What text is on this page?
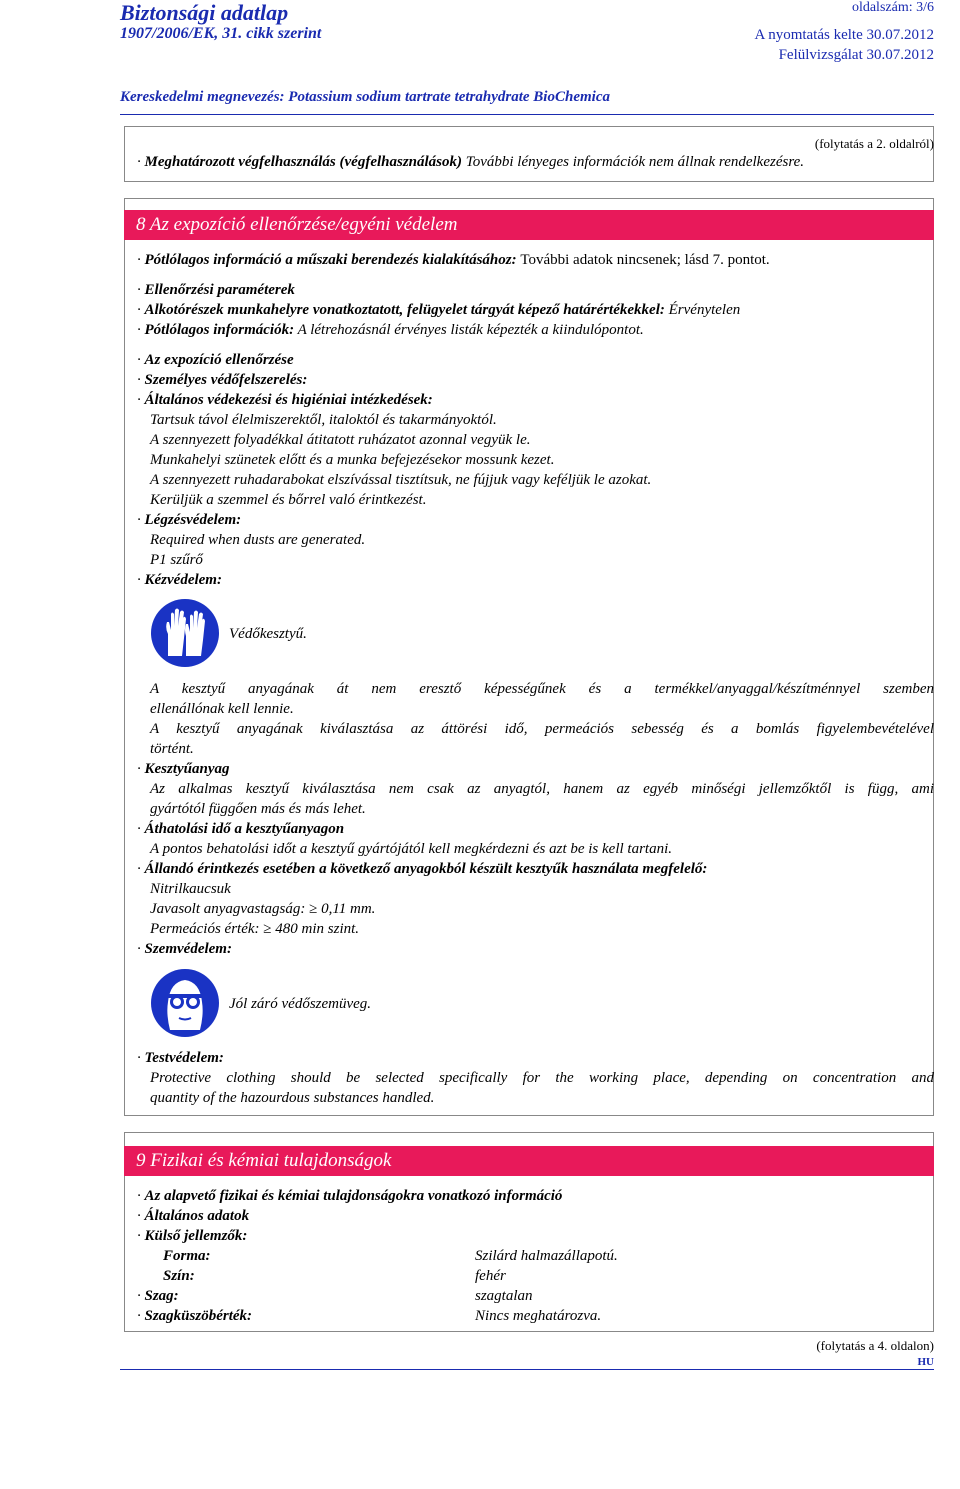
Biztonsági adatlap
1907/2006/EK, 31. cikk szerint
oldalszám: 3/6
A nyomtatás kelte 30.07.2012
Felülvizsgálat 30.07.2012
Kereskedelmi megnevezés: Potassium sodium tartrate tetrahydrate BioChemica
(folytatás a 2. oldalról)
· Meghatározott végfelhasználás (végfelhasználások) További lényeges információk nem állnak rendelkezésre.
8 Az expozíció ellenőrzése/egyéni védelem
· Pótlólagos információ a műszaki berendezés kialakításához: További adatok nincsenek; lásd 7. pontot.
· Ellenőrzési paraméterek
· Alkotórészek munkahelyre vonatkoztatott, felügyelet tárgyát képező határértékekkel: Érvénytelen
· Pótlólagos információk: A létrehozásnál érvényes listák képezték a kiindulópontot.
· Az expozíció ellenőrzése
· Személyes védőfelszerelés:
· Általános védekezési és higiéniai intézkedések:
Tartsuk távol élelmiszerektől, italoktól és takarmányoktól.
A szennyezett folyadékkal átitatott ruházatot azonnal vegyük le.
Munkahelyi szünetek előtt és a munka befejezésekor mossunk kezet.
A szennyezett ruhadarabokat elszívással tisztítsuk, ne fújjuk vagy keféljük le azokat.
Kerüljük a szemmel és bőrrel való érintkezést.
· Légzésvédelem:
Required when dusts are generated.
P1 szűrő
· Kézvédelem:
Védőkesztyű.
A kesztyű anyagának át nem eresztő képességűnek és a termékkel/anyaggal/készítménnyel szemben
ellenállónak kell lennie.
A kesztyű anyagának kiválasztása az áttörési idő, permeációs sebesség és a bomlás figyelembevételével
történt.
· Kesztyűanyag
Az alkalmas kesztyű kiválasztása nem csak az anyagtól, hanem az egyéb minőségi jellemzőktől is függ, ami
gyártótól függően más és más lehet.
· Áthatolási idő a kesztyűanyagon
A pontos behatolási időt a kesztyű gyártójától kell megkérdezni és azt be is kell tartani.
· Állandó érintkezés esetében a következő anyagokból készült kesztyűk használata megfelelő:
Nitrilkaucsuk
Javasolt anyagvastagság: ≥ 0,11 mm.
Permeációs érték: ≥ 480 min szint.
· Szemvédelem:
Jól záró védőszemüveg.
· Testvédelem:
Protective clothing should be selected specifically for the working place, depending on concentration and
quantity of the hazourdous substances handled.
9 Fizikai és kémiai tulajdonságok
· Az alapvető fizikai és kémiai tulajdonságokra vonatkozó információ
· Általános adatok
· Külső jellemzők:
Forma:	Szilárd halmazállapotú.
Szín:	fehér
· Szag:	szagtalan
· Szagküszöbérték:	Nincs meghatározva.
(folytatás a 4. oldalon)
HU
